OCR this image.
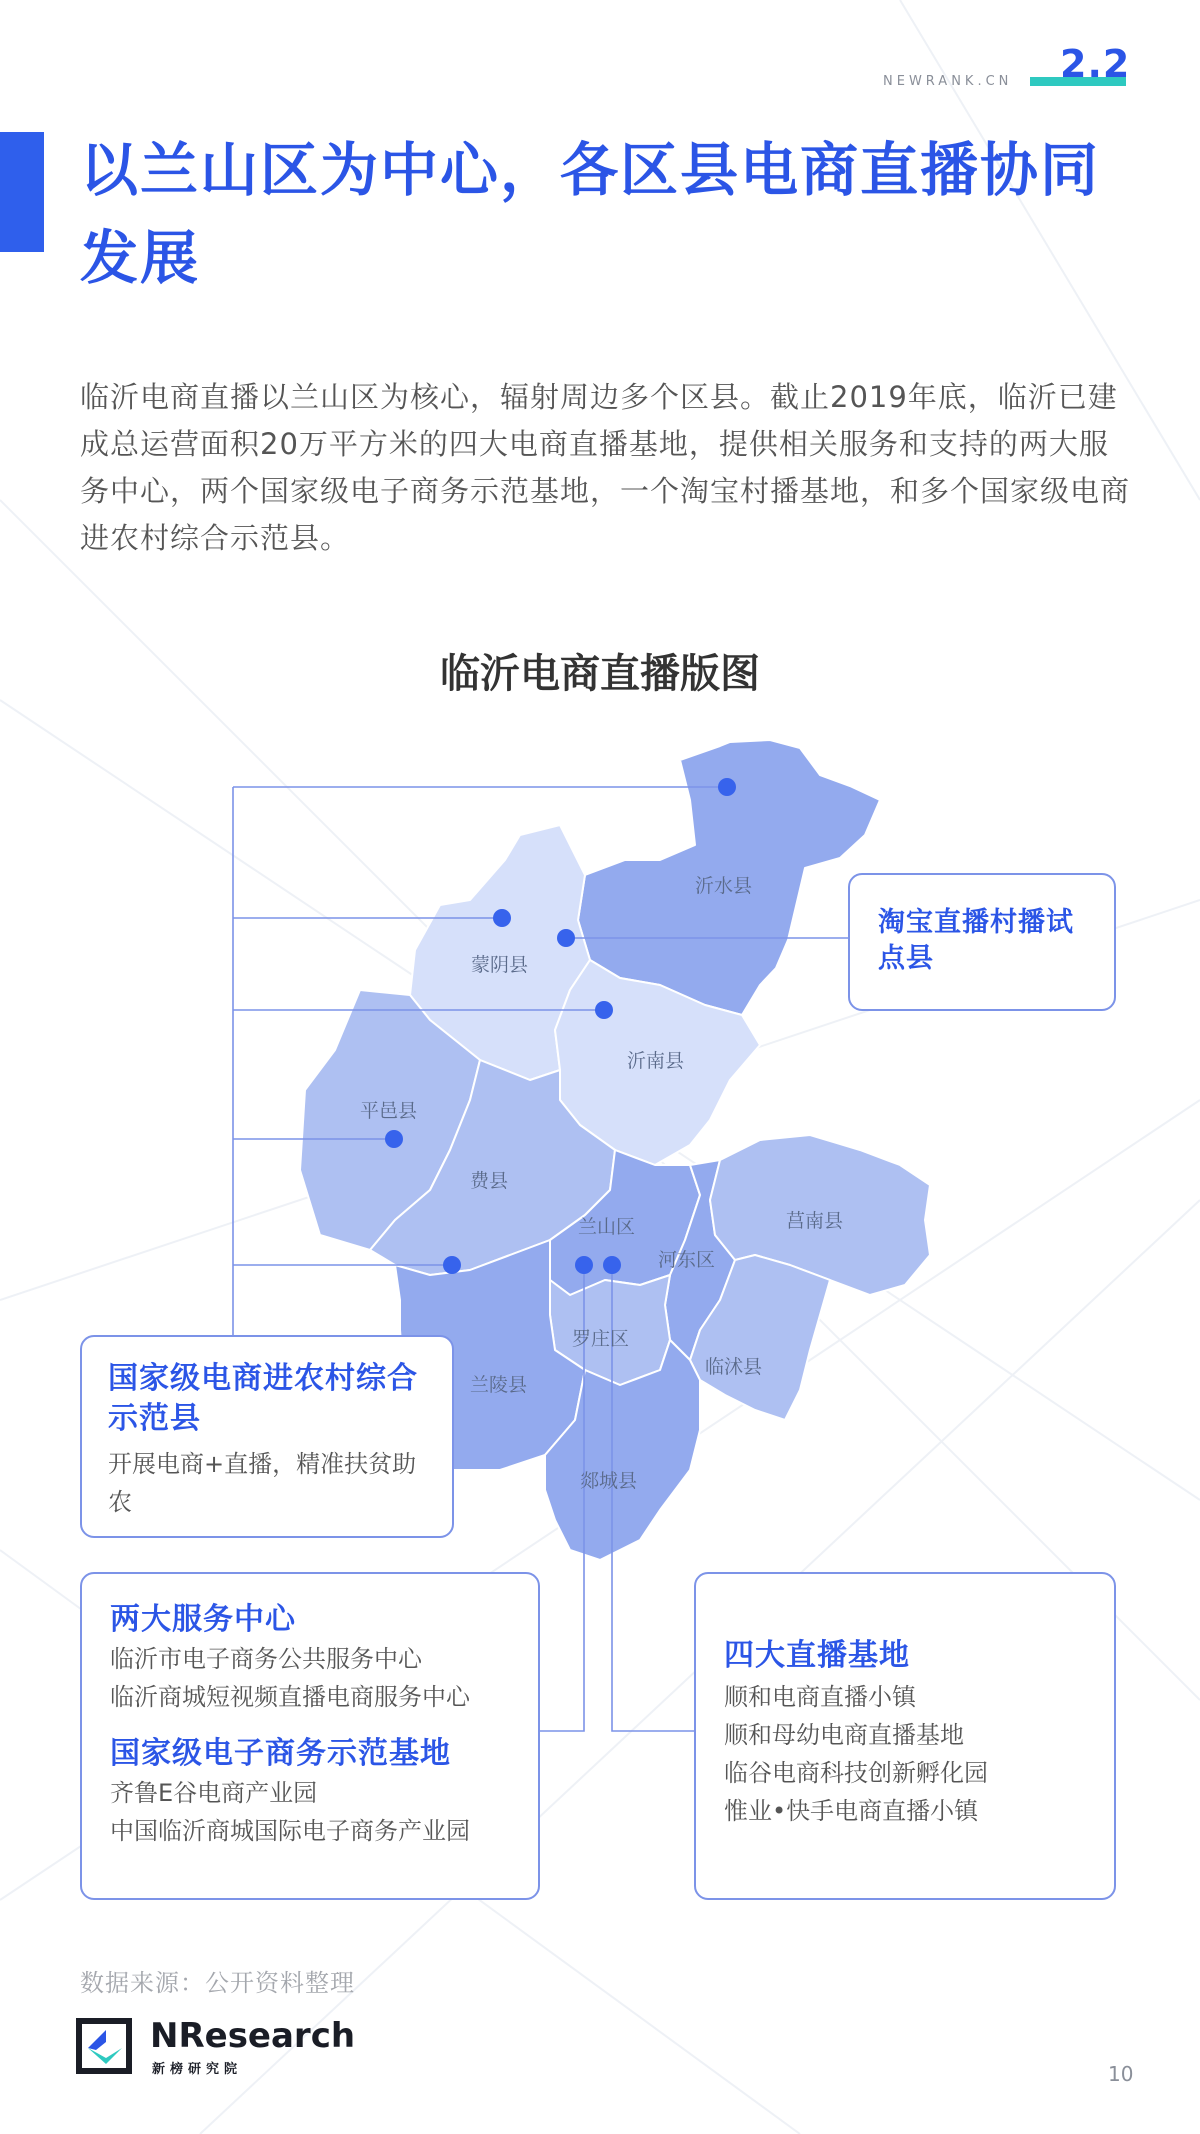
NEWRANK.CN 2.2
以兰山区为中心，各区县电商直播协同发展

临沂电商直播以兰山区为核心，辐射周边多个区县。截止2019年底，临沂已建成总运营面积20万平方米的四大电商直播基地，提供相关服务和支持的两大服务中心，两个国家级电子商务示范基地，一个淘宝村播基地，和多个国家级电商进农村综合示范县。

临沂电商直播版图
沂水县
蒙阴县
沂南县
平邑县
费县
兰山区
河东区
莒南县
罗庄区
兰陵县
临沭县
郯城县

淘宝直播村播试点县

国家级电商进农村综合示范县

开展电商+直播，精准扶贫助农

两大服务中心

临沂市电子商务公共服务中心

临沂商城短视频直播电商服务中心

国家级电子商务示范基地

齐鲁E谷电商产业园

中国临沂商城国际电子商务产业园

四大直播基地

顺和电商直播小镇

顺和母幼电商直播基地

临谷电商科技创新孵化园

惟业•快手电商直播小镇

数据来源：公开资料整理
NResearch
新榜研究院	10
